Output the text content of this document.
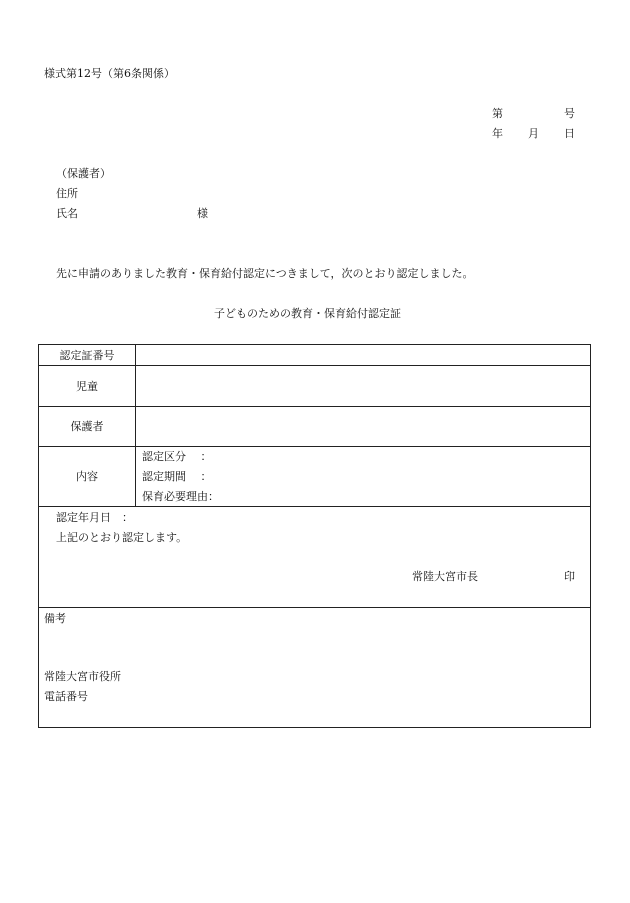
様式第12号（第6条関係）
第	号
年 月 日
（保護者）
住所
氏名	様
先に申請のありました教育・保育給付認定につきまして，次のとおり認定しました。
子どものための教育・保育給付認定証
認定証番号
児童
保護者
内容
認定区分　 ：
認定期間　 ：
保育必要理由：
認定年月日　：
上記のとおり認定します。
常陸大宮市長	印
備考
常陸大宮市役所
電話番号
